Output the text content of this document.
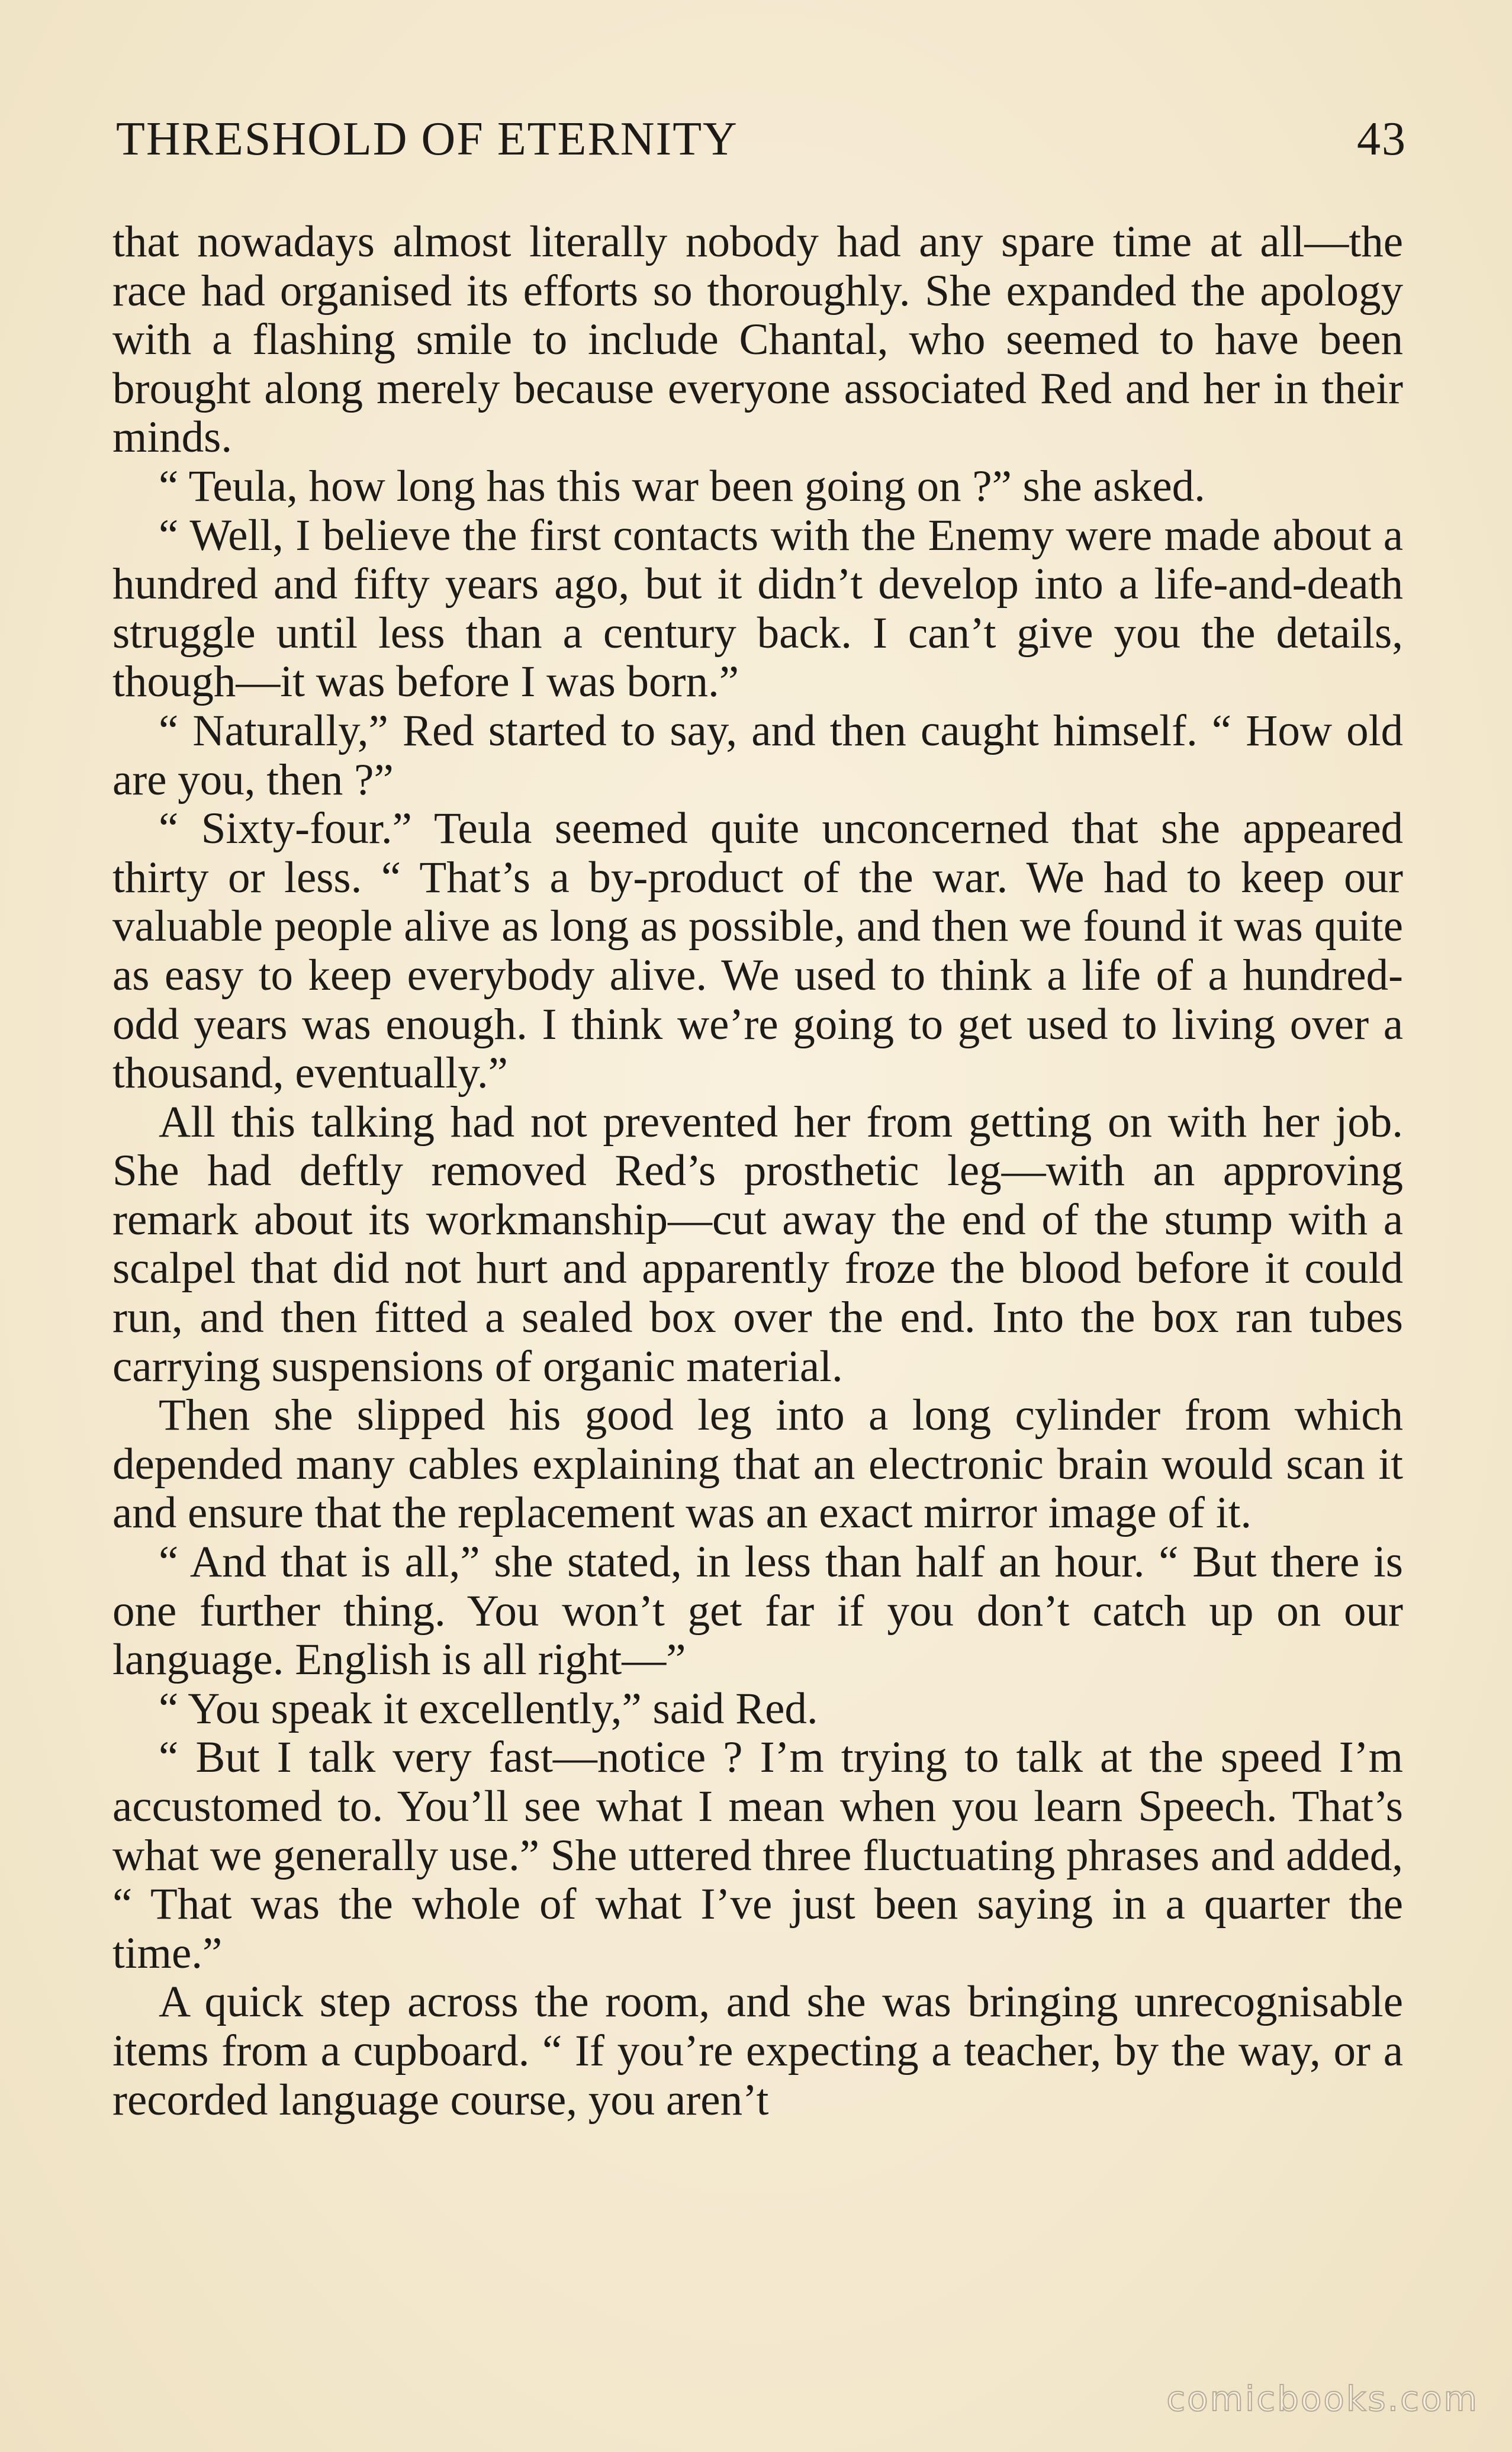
THRESHOLD OF ETERNITY	43

that nowadays almost literally nobody had any spare time at all—the race had organised its efforts so thoroughly. She expanded the apology with a flashing smile to include Chantal, who seemed to have been brought along merely because everyone associated Red and her in their minds.

“ Teula, how long has this war been going on ?” she asked.

“ Well, I believe the first contacts with the Enemy were made about a hundred and fifty years ago, but it didn’t develop into a life-and-death struggle until less than a century back. I can’t give you the details, though—it was before I was born.”

“ Naturally,” Red started to say, and then caught himself. “ How old are you, then ?”

“ Sixty-four.” Teula seemed quite unconcerned that she appeared thirty or less. “ That’s a by-product of the war. We had to keep our valuable people alive as long as possible, and then we found it was quite as easy to keep everybody alive. We used to think a life of a hundred-odd years was enough. I think we’re going to get used to living over a thousand, eventually.”

All this talking had not prevented her from getting on with her job. She had deftly removed Red’s prosthetic leg—with an approving remark about its workmanship—cut away the end of the stump with a scalpel that did not hurt and apparently froze the blood before it could run, and then fitted a sealed box over the end. Into the box ran tubes carrying suspensions of organic material.

Then she slipped his good leg into a long cylinder from which depended many cables explaining that an electronic brain would scan it and ensure that the replacement was an exact mirror image of it.

“ And that is all,” she stated, in less than half an hour. “ But there is one further thing. You won’t get far if you don’t catch up on our language. English is all right—”

“ You speak it excellently,” said Red.

“ But I talk very fast—notice ? I’m trying to talk at the speed I’m accustomed to. You’ll see what I mean when you learn Speech. That’s what we generally use.” She uttered three fluctuating phrases and added, “ That was the whole of what I’ve just been saying in a quarter the time.”

A quick step across the room, and she was bringing unrecognisable items from a cupboard. “ If you’re expecting a teacher, by the way, or a recorded language course, you aren’t

comicbooks.com
